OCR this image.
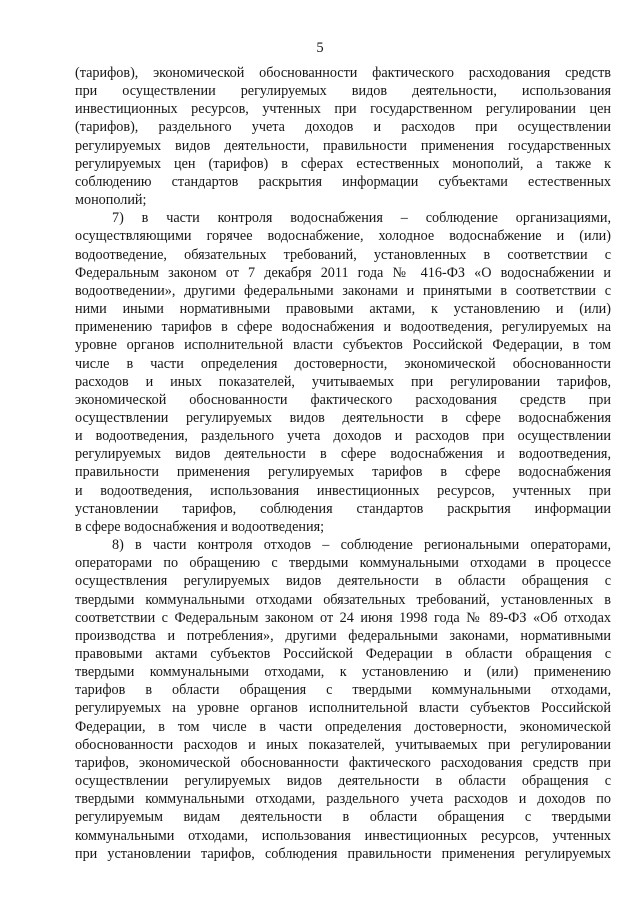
5

(тарифов), экономической обоснованности фактического расходования средств

при осуществлении регулируемых видов деятельности, использования

инвестиционных ресурсов, учтенных при государственном регулировании цен

(тарифов), раздельного учета доходов и расходов при осуществлении

регулируемых видов деятельности, правильности применения государственных

регулируемых цен (тарифов) в сферах естественных монополий, а также к

соблюдению стандартов раскрытия информации субъектами естественных

монополий;

7) в части контроля водоснабжения – соблюдение организациями,

осуществляющими горячее водоснабжение, холодное водоснабжение и (или)

водоотведение, обязательных требований, установленных в соответствии с

Федеральным законом от 7 декабря 2011 года № 416-ФЗ «О водоснабжении и

водоотведении», другими федеральными законами и принятыми в соответствии с

ними иными нормативными правовыми актами, к установлению и (или)

применению тарифов в сфере водоснабжения и водоотведения, регулируемых на

уровне органов исполнительной власти субъектов Российской Федерации, в том

числе в части определения достоверности, экономической обоснованности

расходов и иных показателей, учитываемых при регулировании тарифов,

экономической обоснованности фактического расходования средств при

осуществлении регулируемых видов деятельности в сфере водоснабжения

и водоотведения, раздельного учета доходов и расходов при осуществлении

регулируемых видов деятельности в сфере водоснабжения и водоотведения,

правильности применения регулируемых тарифов в сфере водоснабжения

и водоотведения, использования инвестиционных ресурсов, учтенных при

установлении тарифов, соблюдения стандартов раскрытия информации

в сфере водоснабжения и водоотведения;

8) в части контроля отходов – соблюдение региональными операторами,

операторами по обращению с твердыми коммунальными отходами в процессе

осуществления регулируемых видов деятельности в области обращения с

твердыми коммунальными отходами обязательных требований, установленных в

соответствии с Федеральным законом от 24 июня 1998 года № 89-ФЗ «Об отходах

производства и потребления», другими федеральными законами, нормативными

правовыми актами субъектов Российской Федерации в области обращения с

твердыми коммунальными отходами, к установлению и (или) применению

тарифов в области обращения с твердыми коммунальными отходами,

регулируемых на уровне органов исполнительной власти субъектов Российской

Федерации, в том числе в части определения достоверности, экономической

обоснованности расходов и иных показателей, учитываемых при регулировании

тарифов, экономической обоснованности фактического расходования средств при

осуществлении регулируемых видов деятельности в области обращения с

твердыми коммунальными отходами, раздельного учета расходов и доходов по

регулируемым видам деятельности в области обращения с твердыми

коммунальными отходами, использования инвестиционных ресурсов, учтенных

при установлении тарифов, соблюдения правильности применения регулируемых
